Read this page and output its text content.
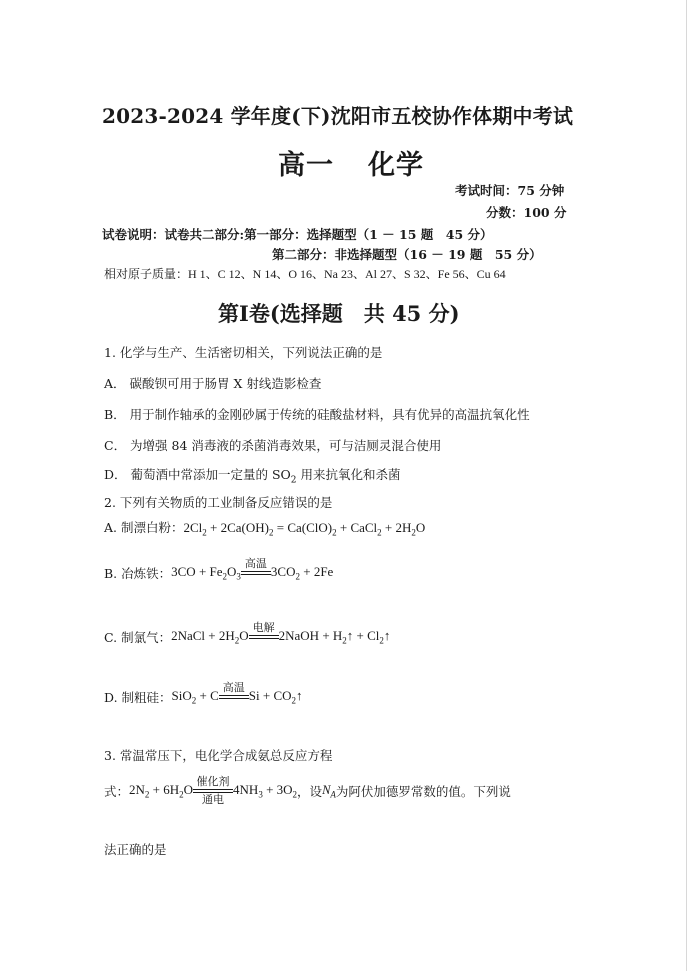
2023-2024 学年度(下)沈阳市五校协作体期中考试
高一 化学
考试时间：75 分钟
分数：100 分
试卷说明：试卷共二部分:第一部分：选择题型（1 － 15 题　45 分）
第二部分：非选择题型（16 － 19 题　55 分）
相对原子质量：H 1、C 12、N 14、O 16、Na 23、Al 27、S 32、Fe 56、Cu 64
第Ⅰ卷(选择题　共 45 分)
1. 化学与生产、生活密切相关，下列说法正确的是
A． 碳酸钡可用于肠胃 X 射线造影检查
B． 用于制作轴承的金刚砂属于传统的硅酸盐材料，具有优异的高温抗氧化性
C． 为增强 84 消毒液的杀菌消毒效果，可与洁厕灵混合使用
D． 葡萄酒中常添加一定量的 $SO_2$ 用来抗氧化和杀菌
2. 下列有关物质的工业制备反应错误的是
A. 制漂白粉：$2Cl_2 + 2Ca(OH)_2 = Ca(ClO)_2$ + CaCl$_2$ + $2H_2O$
B. 冶炼铁：$3CO + Fe_2O_3$
高温

$3CO_2 + 2Fe$
C. 制氯气：2NaCl + $2H_2O$
电解

2NaOH + $H_2↑$ + $Cl_2↑$
D. 制粗硅：SiO$_2$ + C
高温

$Si + CO_2↑$
3. 常温常压下，电化学合成氨总反应方程
式：$2N_2 + 6H_2O$
催化剂
通电
$4NH_3 + 3O_2$，设$N_A$为阿伏加德罗常数的值。下列说
法正确的是
